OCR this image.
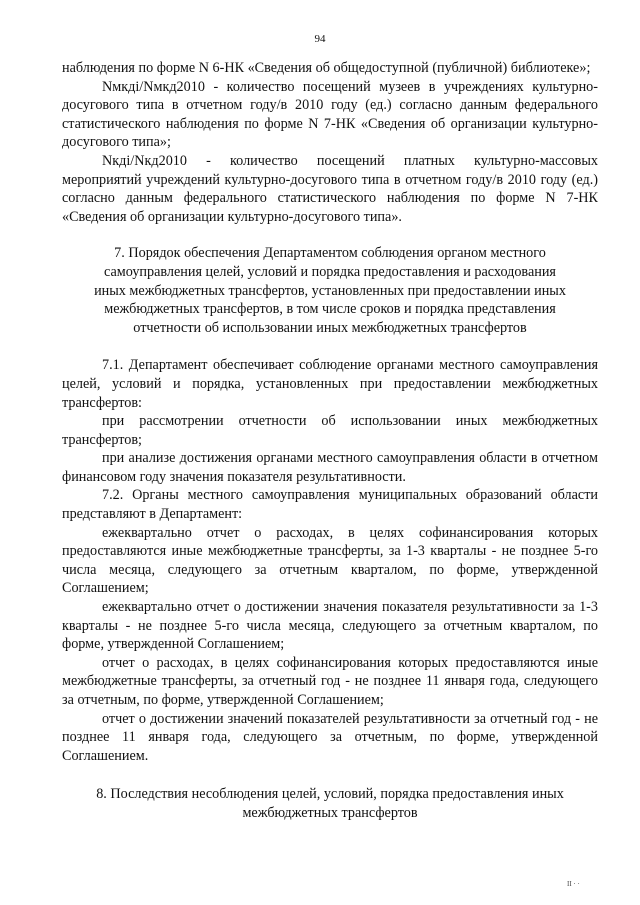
94

наблюдения по форме N 6-НК «Сведения об общедоступной (публичной) библиотеке»;

Nмкдi/Nмкд2010 - количество посещений музеев в учреждениях культурно-досугового типа в отчетном году/в 2010 году (ед.) согласно данным федерального статистического наблюдения по форме N 7-НК «Сведения об организации культурно-досугового типа»;

Nкдi/Nкд2010 - количество посещений платных культурно-массовых мероприятий учреждений культурно-досугового типа в отчетном году/в 2010 году (ед.) согласно данным федерального статистического наблюдения по форме N 7-НК «Сведения об организации культурно-досугового типа».

7. Порядок обеспечения Департаментом соблюдения органом местного самоуправления целей, условий и порядка предоставления и расходования иных межбюджетных трансфертов, установленных при предоставлении иных межбюджетных трансфертов, в том числе сроков и порядка представления отчетности об использовании иных межбюджетных трансфертов

7.1. Департамент обеспечивает соблюдение органами местного самоуправления целей, условий и порядка, установленных при предоставлении межбюджетных трансфертов:

при рассмотрении отчетности об использовании иных межбюджетных трансфертов;

при анализе достижения органами местного самоуправления области в отчетном финансовом году значения показателя результативности.

7.2. Органы местного самоуправления муниципальных образований области представляют в Департамент:

ежеквартально отчет о расходах, в целях софинансирования которых предоставляются иные межбюджетные трансферты, за 1-3 кварталы - не позднее 5-го числа месяца, следующего за отчетным кварталом, по форме, утвержденной Соглашением;

ежеквартально отчет о достижении значения показателя результативности за 1-3 кварталы - не позднее 5-го числа месяца, следующего за отчетным кварталом, по форме, утвержденной Соглашением;

отчет о расходах, в целях софинансирования которых предоставляются иные межбюджетные трансферты, за отчетный год - не позднее 11 января года, следующего за отчетным, по форме, утвержденной Соглашением;

отчет о достижении значений показателей результативности за отчетный год - не позднее 11 января года, следующего за отчетным, по форме, утвержденной Соглашением.

8. Последствия несоблюдения целей, условий, порядка предоставления иных межбюджетных трансфертов

II · ·
